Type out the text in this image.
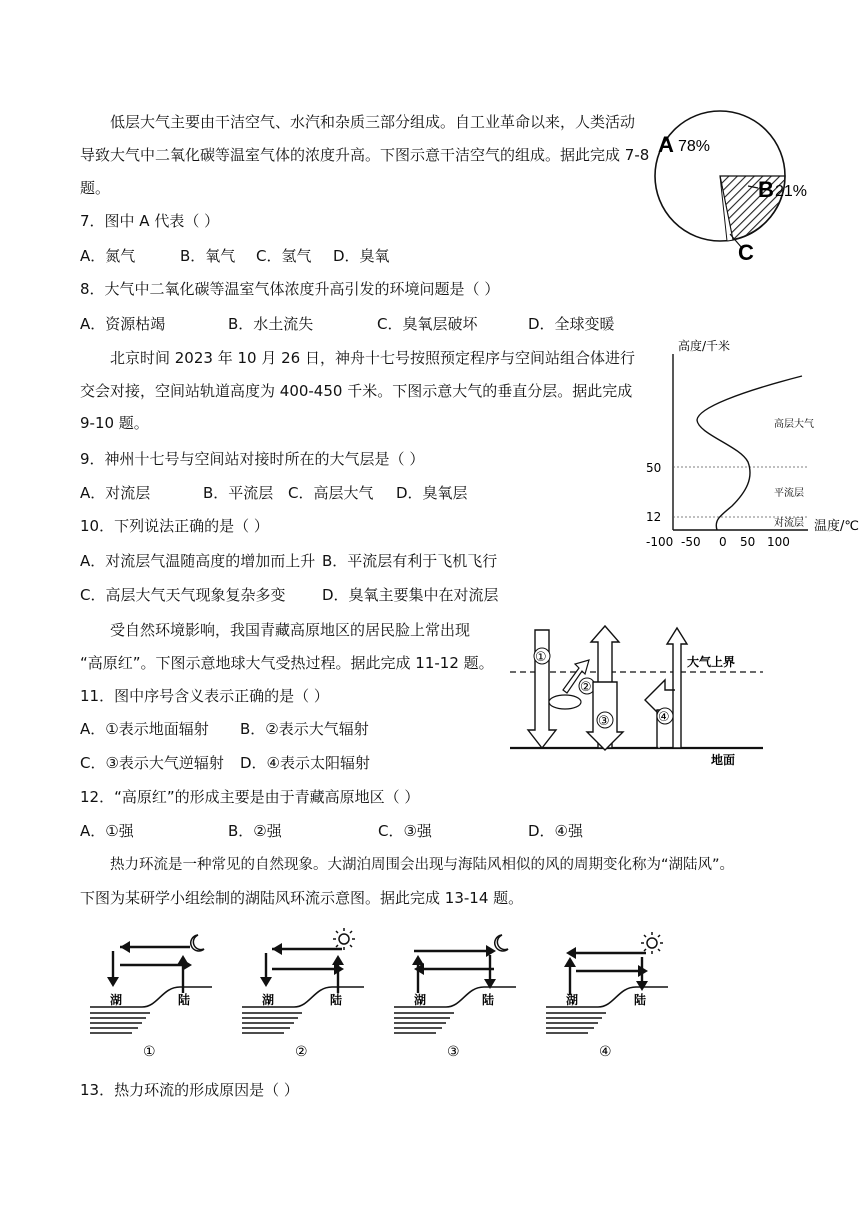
低层大气主要由干洁空气、水汽和杂质三部分组成。自工业革命以来，人类活动
导致大气中二氧化碳等温室气体的浓度升高。下图示意干洁空气的组成。据此完成 7-8
题。
A 78%
B 21%
C
7．图中 A 代表（ ）
A．氮气	B．氧气 C．氢气 D．臭氧
8．大气中二氧化碳等温室气体浓度升高引发的环境问题是（ ）
A．资源枯竭	B．水土流失	C．臭氧层破坏	D．全球变暖
北京时间 2023 年 10 月 26 日，神舟十七号按照预定程序与空间站组合体进行
交会对接，空间站轨道高度为 400-450 千米。下图示意大气的垂直分层。据此完成
9-10 题。
高度/千米
50
12
高层大气
平流层
对流层 温度/℃
-100 -50 0 50 100
9．神州十七号与空间站对接时所在的大气层是（ ）
A．对流层	B．平流层 C．高层大气 D．臭氧层
10．下列说法正确的是（ ）
A．对流层气温随高度的增加而上升 B．平流层有利于飞机飞行
C．高层大气天气现象复杂多变 D．臭氧主要集中在对流层
受自然环境影响，我国青藏高原地区的居民脸上常出现
“高原红”。下图示意地球大气受热过程。据此完成 11-12 题。	大气上界
地面
①
②
③	④
11．图中序号含义表示正确的是（ ）
A．①表示地面辐射 B．②表示大气辐射
C．③表示大气逆辐射 D．④表示太阳辐射
12．“高原红”的形成主要是由于青藏高原地区（ ）
A．①强	B．②强	C．③强	D．④强
热力环流是一种常见的自然现象。大湖泊周围会出现与海陆风相似的风的周期变化称为“湖陆风”。
下图为某研学小组绘制的湖陆风环流示意图。据此完成 13-14 题。
湖	陆
①
湖	陆
②
湖	陆
③
湖	陆
④
13．热力环流的形成原因是（ ）
